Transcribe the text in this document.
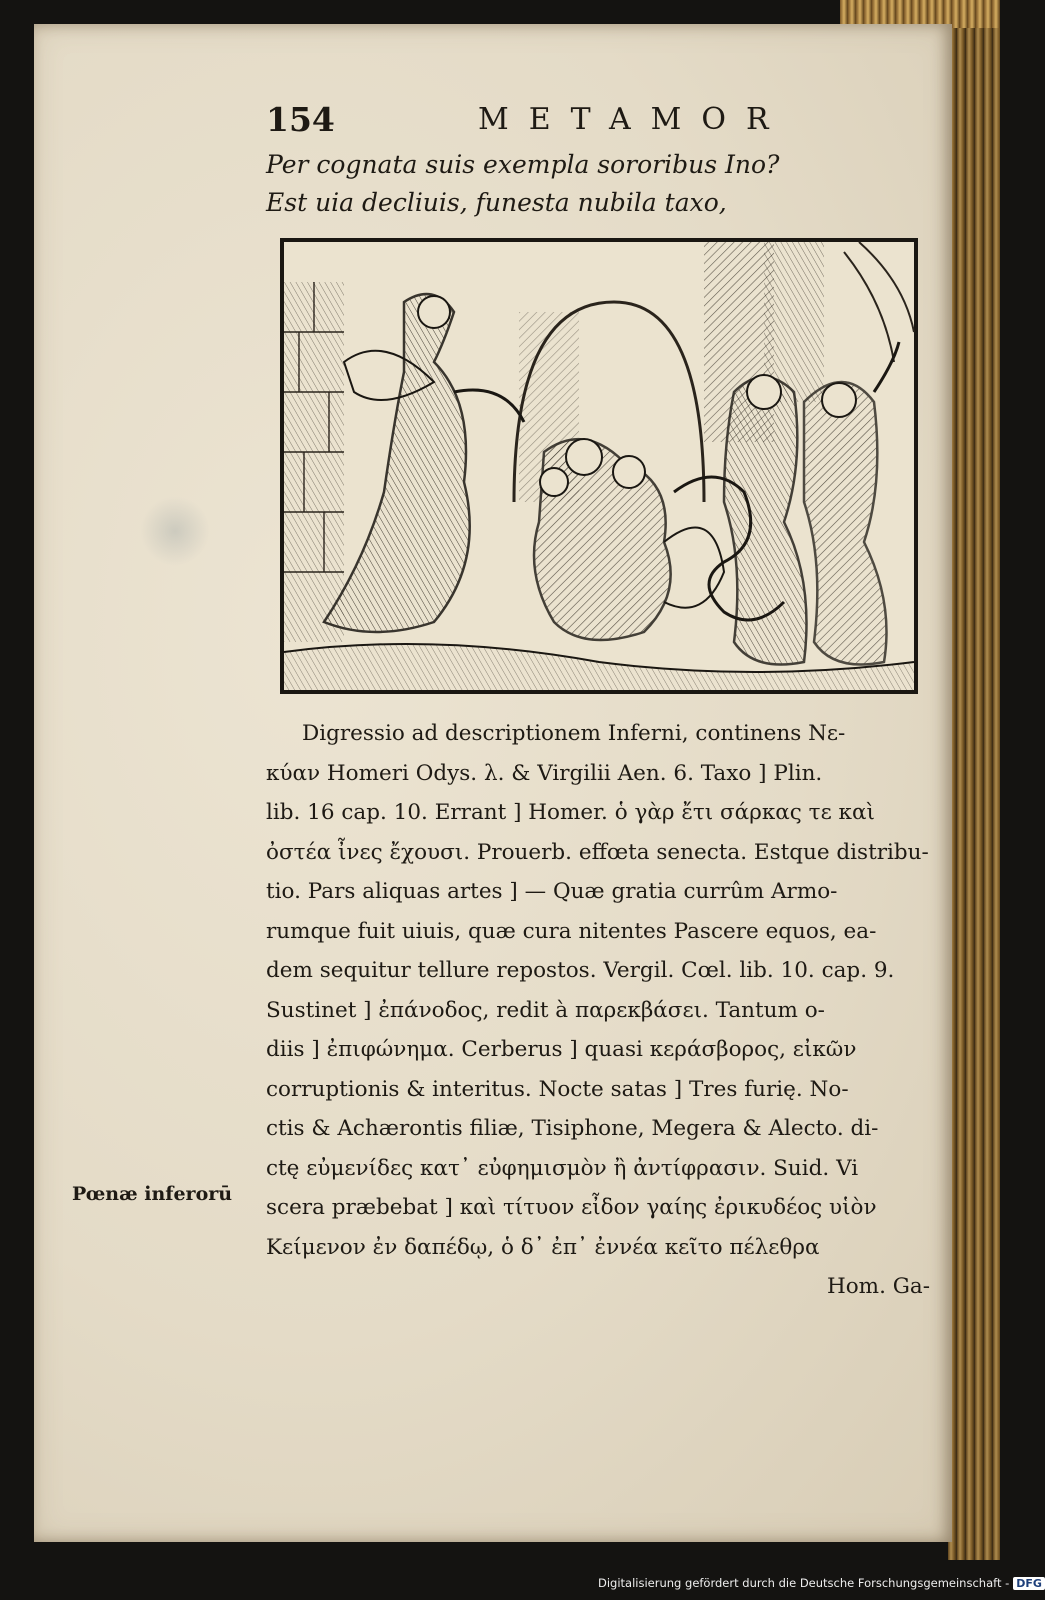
154	METAMOR
Per cognata suis exempla sororibus Ino?
Est uia decliuis, funesta nubila taxo,
Digressio ad descriptionem Inferni, continens Νε-
κύαν Homeri Odys. λ. & Virgilii Aen. 6. Taxo ] Plin.
lib. 16 cap. 10. Errant ] Homer. ὁ γὰρ ἔτι σάρκας τε καὶ
ὀστέα ἶνες ἔχουσι. Prouerb. effœta senecta. Estque distribu-
tio. Pars aliquas artes ] — Quæ gratia currûm Armo-
rumque fuit uiuis, quæ cura nitentes Pascere equos, ea-
dem sequitur tellure repostos. Vergil. Cœl. lib. 10. cap. 9.
Sustinet ] ἐπάνοδος, redit à παρεκβάσει. Tantum o-
diis ] ἐπιφώνημα. Cerberus ] quasi κεράσβορος, εἰκῶν
corruptionis & interitus. Nocte satas ] Tres furię. No-
ctis & Achærontis filiæ, Tisiphone, Megera & Alecto. di-
ctę εὐμενίδες κατ᾽ εὐφημισμὸν ἢ ἀντίφρασιν. Suid. Vi
scera præbebat ] καὶ τίτυον εἶδον γαίης ἐρικυδέος υἱὸν
Κείμενον ἐν δαπέδῳ, ὁ δ᾽ ἐπ᾽ ἐννέα κεῖτο πέλεθρα
Hom. Ga-
Pœnæ inferorū
Digitalisierung gefördert durch die Deutsche Forschungsgemeinschaft - DFG
